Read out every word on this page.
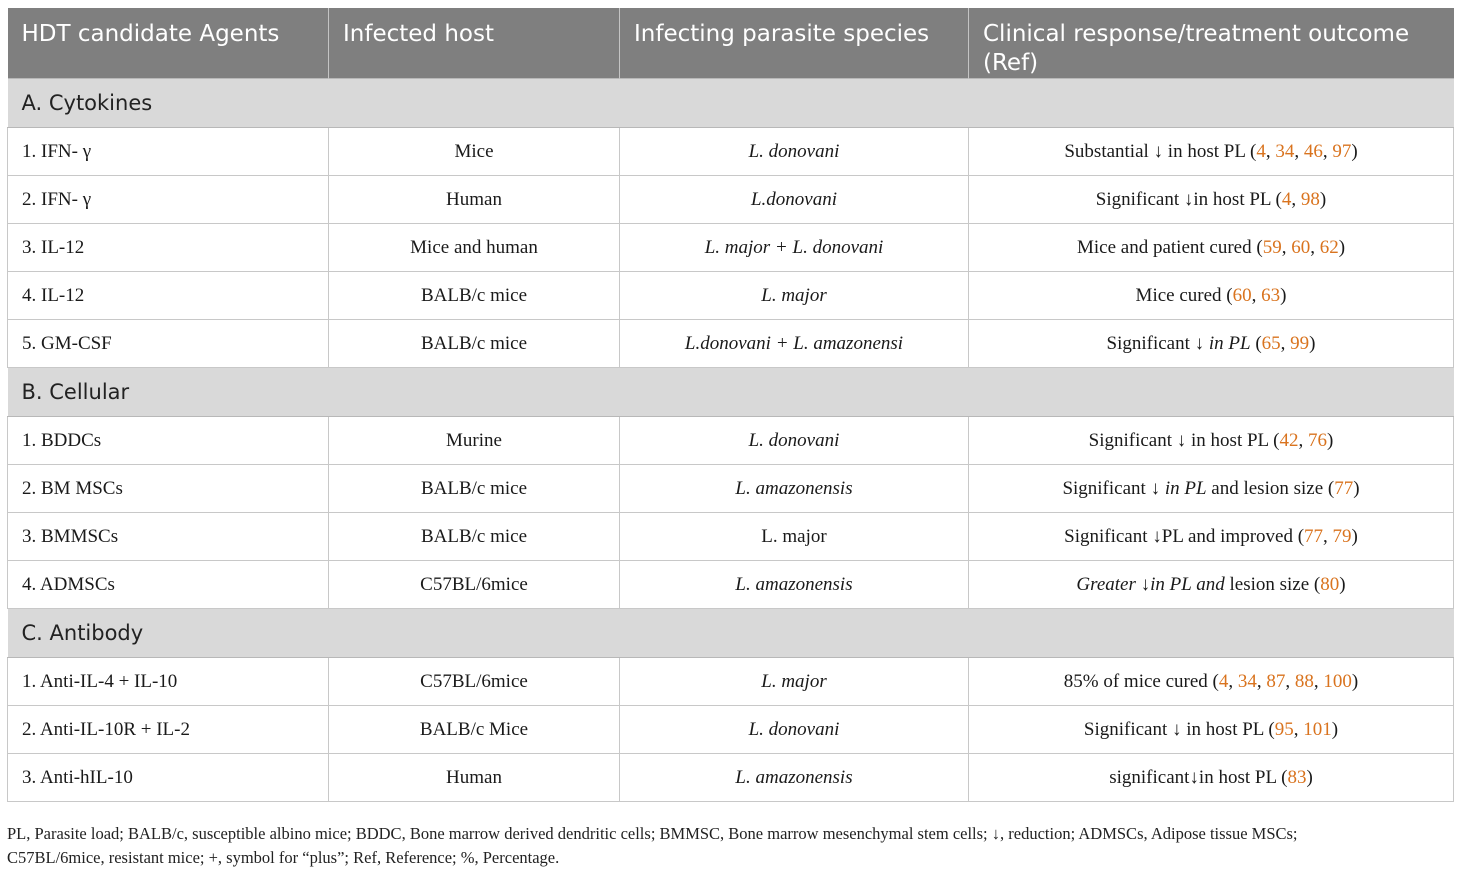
HDT candidate Agents	Infected host	Infecting parasite species	Clinical response/treatment outcome (Ref)
A. Cytokines			
1. IFN- γ	Mice	L. donovani	Substantial ↓ in host PL (4, 34, 46, 97)
2. IFN- γ	Human	L.donovani	Significant ↓in host PL (4, 98)
3. IL-12	Mice and human	L. major + L. donovani	Mice and patient cured (59, 60, 62)
4. IL-12	BALB/c mice	L. major	Mice cured (60, 63)
5. GM-CSF	BALB/c mice	L.donovani + L. amazonensi	Significant ↓ in PL (65, 99)
B. Cellular			
1. BDDCs	Murine	L. donovani	Significant ↓ in host PL (42, 76)
2. BM MSCs	BALB/c mice	L. amazonensis	Significant ↓ in PL and lesion size (77)
3. BMMSCs	BALB/c mice	L. major	Significant ↓PL and improved (77, 79)
4. ADMSCs	C57BL/6mice	L. amazonensis	Greater ↓in PL and lesion size (80)
C. Antibody			
1. Anti-IL-4 + IL-10	C57BL/6mice	L. major	85% of mice cured (4, 34, 87, 88, 100)
2. Anti-IL-10R + IL-2	BALB/c Mice	L. donovani	Significant ↓ in host PL (95, 101)
3. Anti-hIL-10	Human	L. amazonensis	significant↓in host PL (83)
PL, Parasite load; BALB/c, susceptible albino mice; BDDC, Bone marrow derived dendritic cells; BMMSC, Bone marrow mesenchymal stem cells; ↓, reduction; ADMSCs, Adipose tissue MSCs;
C57BL/6mice, resistant mice; +, symbol for “plus”; Ref, Reference; %, Percentage.
